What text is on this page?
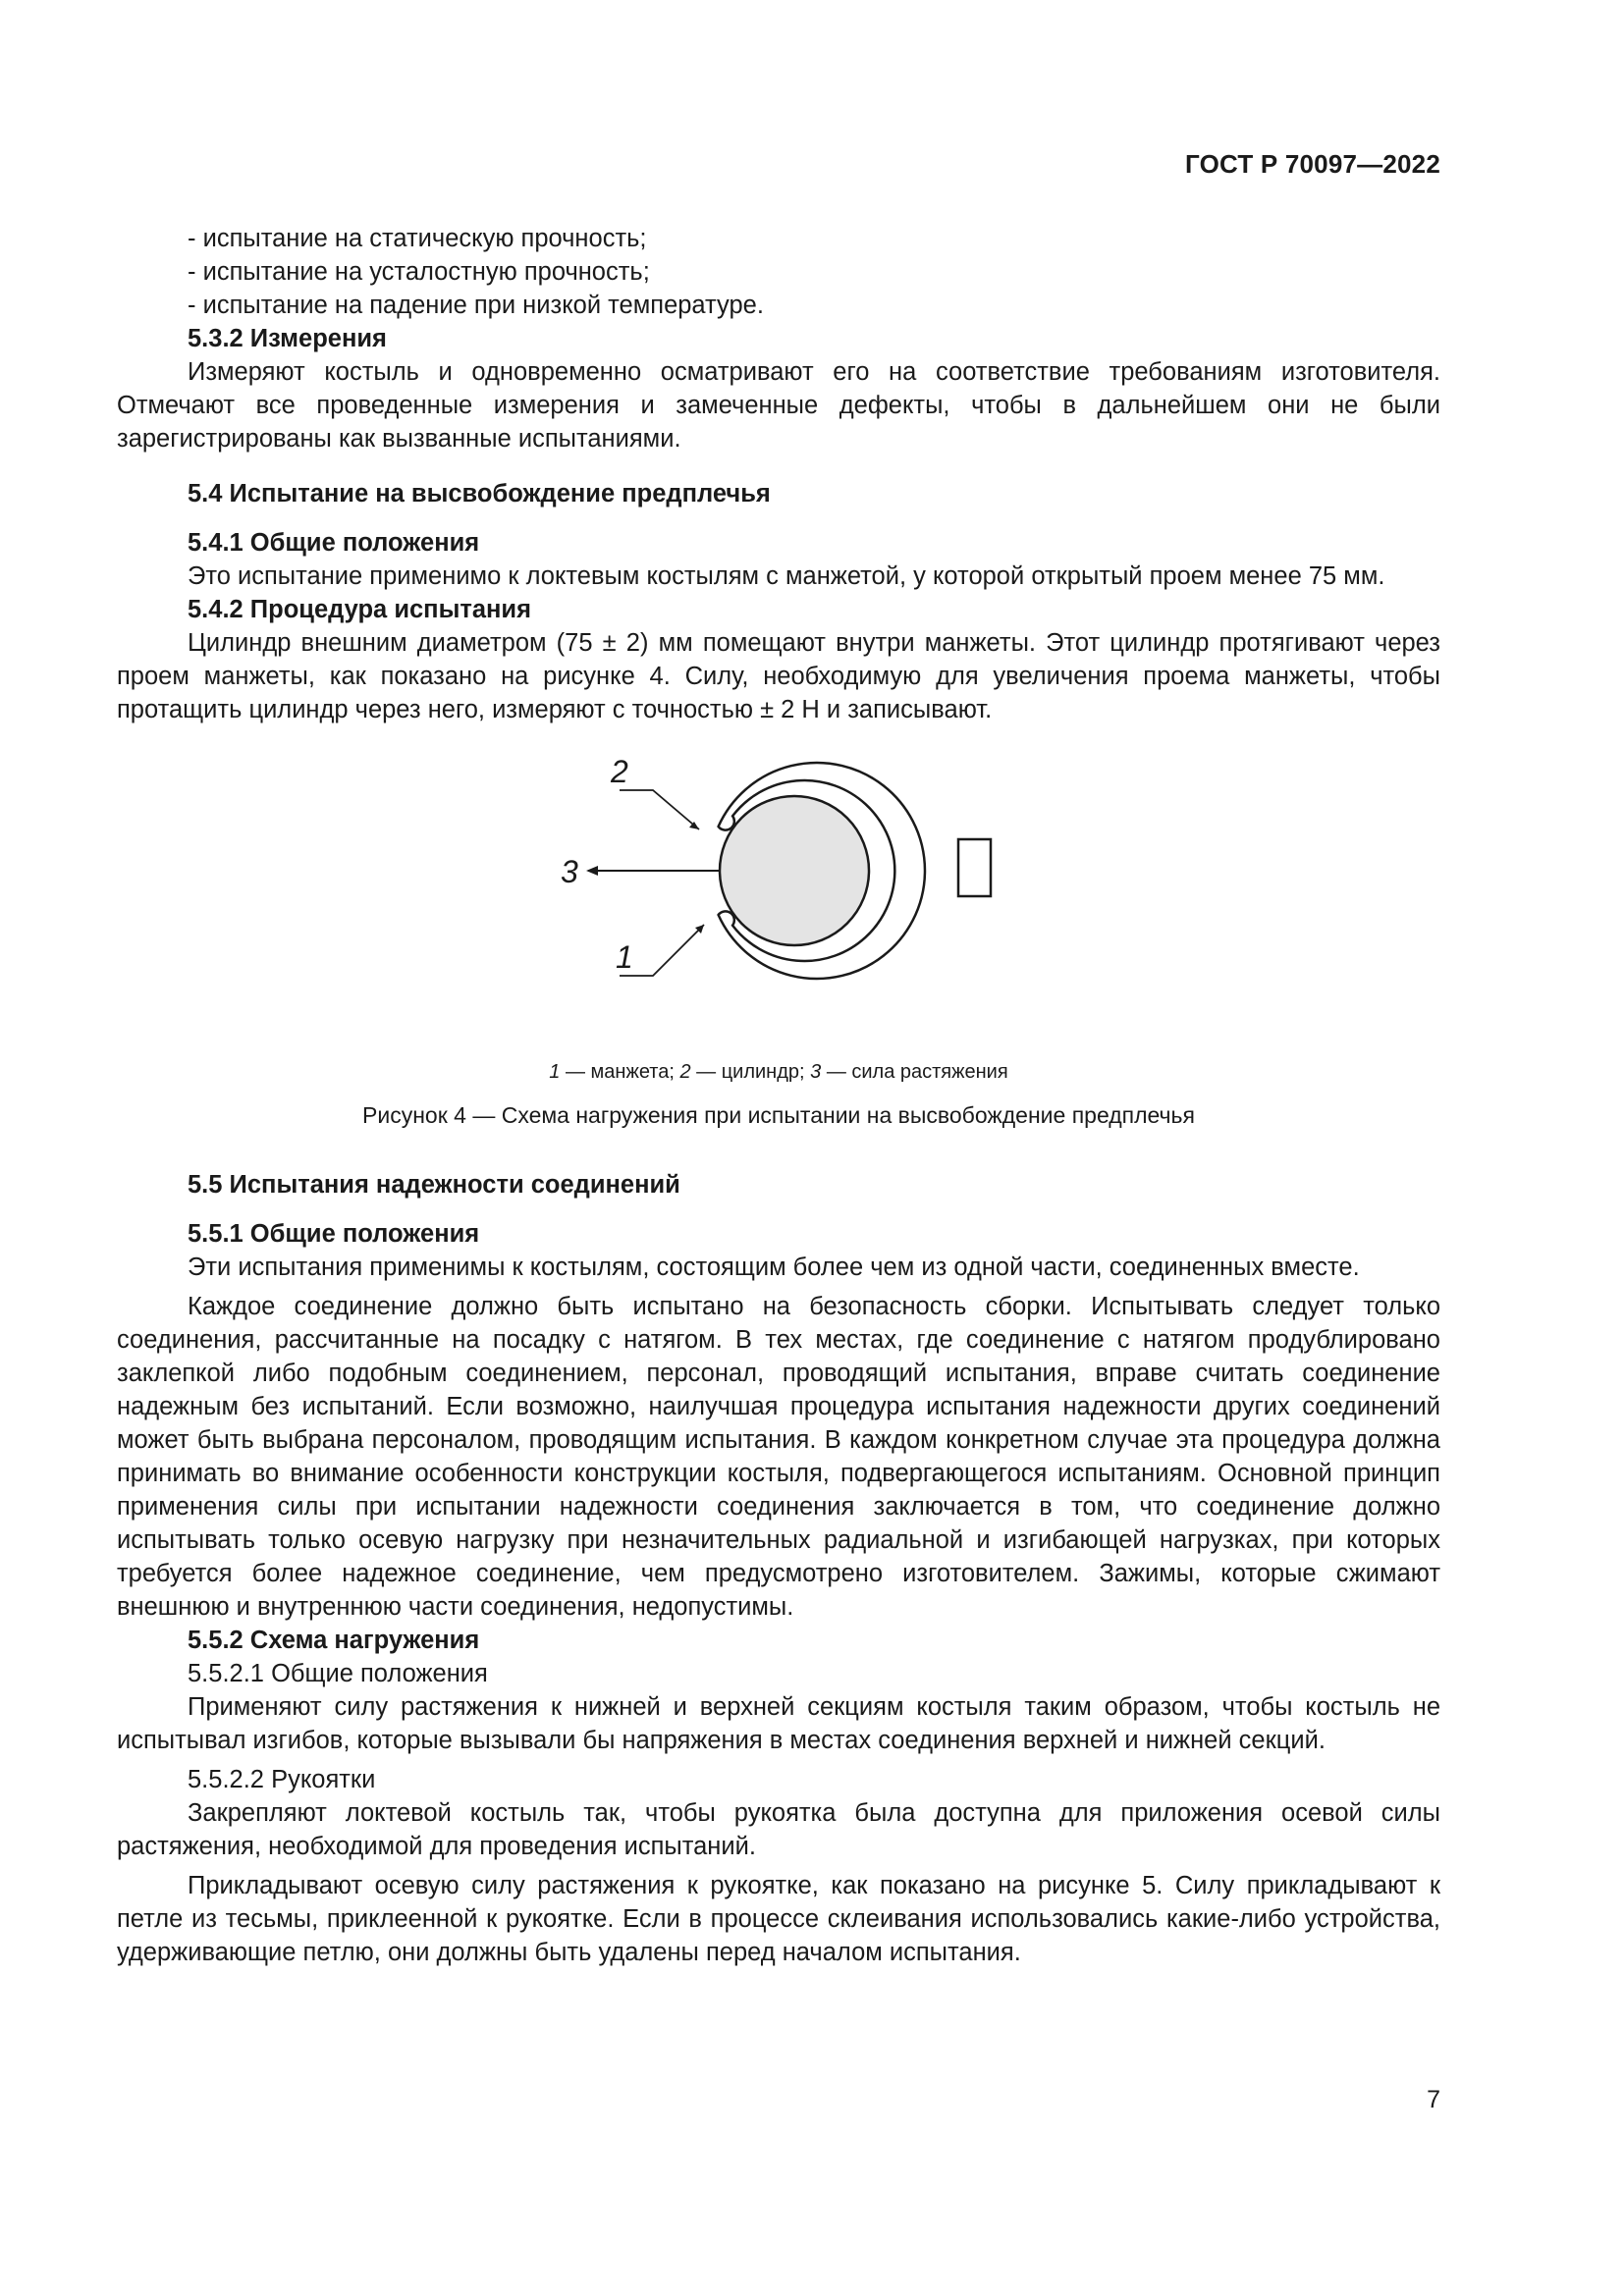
ГОСТ Р 70097—2022

- испытание на статическую прочность;

- испытание на усталостную прочность;

- испытание на падение при низкой температуре.

5.3.2 Измерения

Измеряют костыль и одновременно осматривают его на соответствие требованиям изготовителя. Отмечают все проведенные измерения и замеченные дефекты, чтобы в дальнейшем они не были зарегистрированы как вызванные испытаниями.

5.4 Испытание на высвобождение предплечья

5.4.1 Общие положения

Это испытание применимо к локтевым костылям с манжетой, у которой открытый проем менее 75 мм.

5.4.2 Процедура испытания

Цилиндр внешним диаметром (75 ± 2) мм помещают внутри манжеты. Этот цилиндр протягивают через проем манжеты, как показано на рисунке 4. Силу, необходимую для увеличения проема манжеты, чтобы протащить цилиндр через него, измеряют с точностью ± 2 Н и записывают.

2
3
1

1 — манжета; 2 — цилиндр; 3 — сила растяжения

Рисунок 4 — Схема нагружения при испытании на высвобождение предплечья

5.5 Испытания надежности соединений

5.5.1 Общие положения

Эти испытания применимы к костылям, состоящим более чем из одной части, соединенных вместе.

Каждое соединение должно быть испытано на безопасность сборки. Испытывать следует только соединения, рассчитанные на посадку с натягом. В тех местах, где соединение с натягом продублировано заклепкой либо подобным соединением, персонал, проводящий испытания, вправе считать соединение надежным без испытаний. Если возможно, наилучшая процедура испытания надежности других соединений может быть выбрана персоналом, проводящим испытания. В каждом конкретном случае эта процедура должна принимать во внимание особенности конструкции костыля, подвергающегося испытаниям. Основной принцип применения силы при испытании надежности соединения заключается в том, что соединение должно испытывать только осевую нагрузку при незначительных радиальной и изгибающей нагрузках, при которых требуется более надежное соединение, чем предусмотрено изготовителем. Зажимы, которые сжимают внешнюю и внутреннюю части соединения, недопустимы.

5.5.2 Схема нагружения

5.5.2.1 Общие положения

Применяют силу растяжения к нижней и верхней секциям костыля таким образом, чтобы костыль не испытывал изгибов, которые вызывали бы напряжения в местах соединения верхней и нижней секций.

5.5.2.2 Рукоятки

Закрепляют локтевой костыль так, чтобы рукоятка была доступна для приложения осевой силы растяжения, необходимой для проведения испытаний.

Прикладывают осевую силу растяжения к рукоятке, как показано на рисунке 5. Силу прикладывают к петле из тесьмы, приклеенной к рукоятке. Если в процессе склеивания использовались какие-либо устройства, удерживающие петлю, они должны быть удалены перед началом испытания.

7
